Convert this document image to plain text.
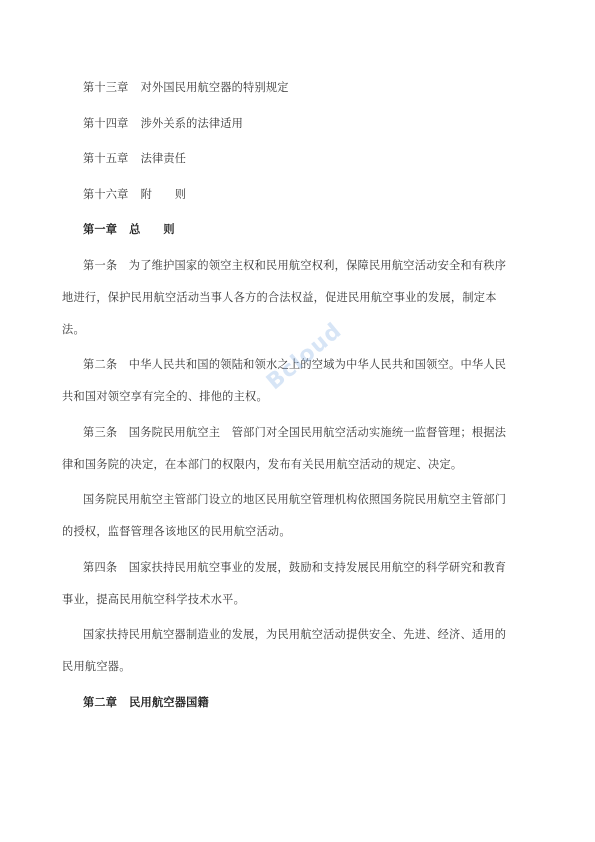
第十三章 对外国民用航空器的特别规定
第十四章 涉外关系的法律适用
第十五章 法律责任
第十六章 附　　则
第一章 总　　则
第一条　为了维护国家的领空主权和民用航空权利，保障民用航空活动安全和有秩序
地进行，保护民用航空活动当事人各方的合法权益，促进民用航空事业的发展，制定本
法。
第二条　中华人民共和国的领陆和领水之上的空域为中华人民共和国领空。中华人民
共和国对领空享有完全的、排他的主权。
第三条　国务院民用航空主　管部门对全国民用航空活动实施统一监督管理；根据法
律和国务院的决定，在本部门的权限内，发布有关民用航空活动的规定、决定。
国务院民用航空主管部门设立的地区民用航空管理机构依照国务院民用航空主管部门
的授权，监督管理各该地区的民用航空活动。
第四条　国家扶持民用航空事业的发展，鼓励和支持发展民用航空的科学研究和教育
事业，提高民用航空科学技术水平。
国家扶持民用航空器制造业的发展，为民用航空活动提供安全、先进、经济、适用的
民用航空器。
第二章 民用航空器国籍
Bcloud
